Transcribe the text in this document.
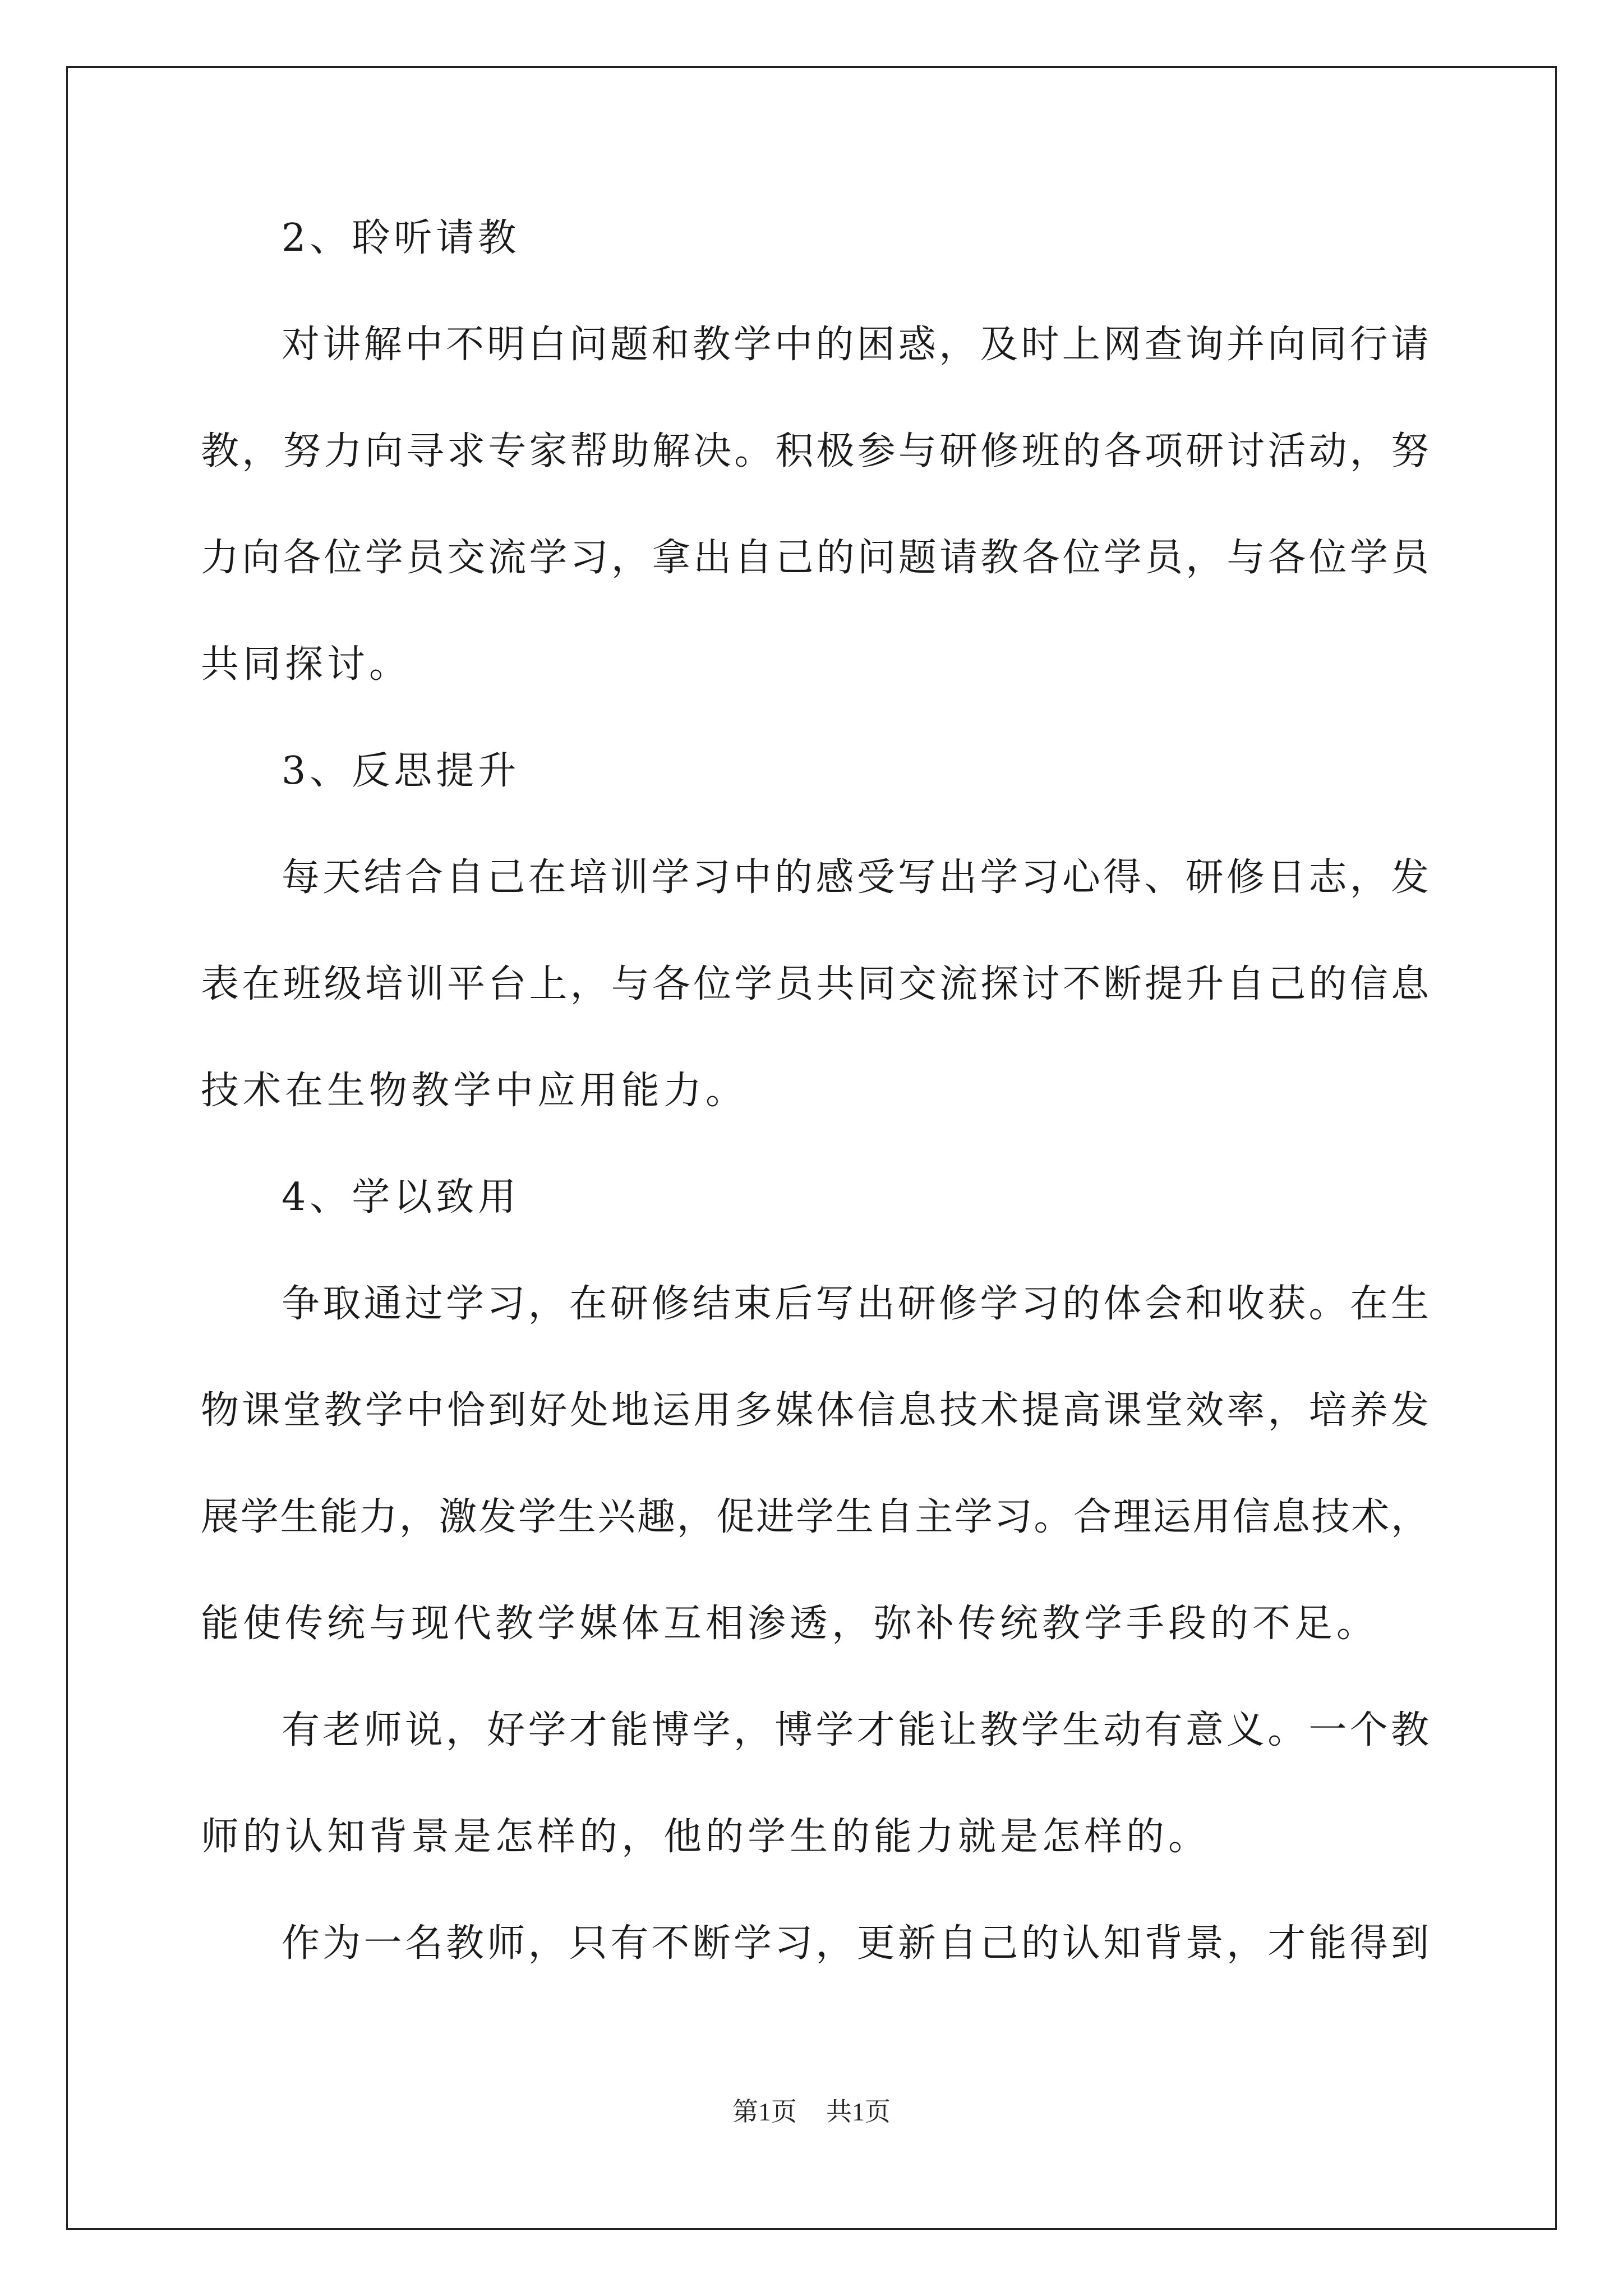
2、聆听请教
对讲解中不明白问题和教学中的困惑，及时上网查询并向同行请
教，努力向寻求专家帮助解决。积极参与研修班的各项研讨活动，努
力向各位学员交流学习，拿出自己的问题请教各位学员，与各位学员
共同探讨。
3、反思提升
每天结合自己在培训学习中的感受写出学习心得、研修日志，发
表在班级培训平台上，与各位学员共同交流探讨不断提升自己的信息
技术在生物教学中应用能力。
4、学以致用
争取通过学习，在研修结束后写出研修学习的体会和收获。在生
物课堂教学中恰到好处地运用多媒体信息技术提高课堂效率，培养发
展学生能力，激发学生兴趣，促进学生自主学习。合理运用信息技术，
能使传统与现代教学媒体互相渗透，弥补传统教学手段的不足。
有老师说，好学才能博学，博学才能让教学生动有意义。一个教
师的认知背景是怎样的，他的学生的能力就是怎样的。
作为一名教师，只有不断学习，更新自己的认知背景，才能得到
第1页 共1页
